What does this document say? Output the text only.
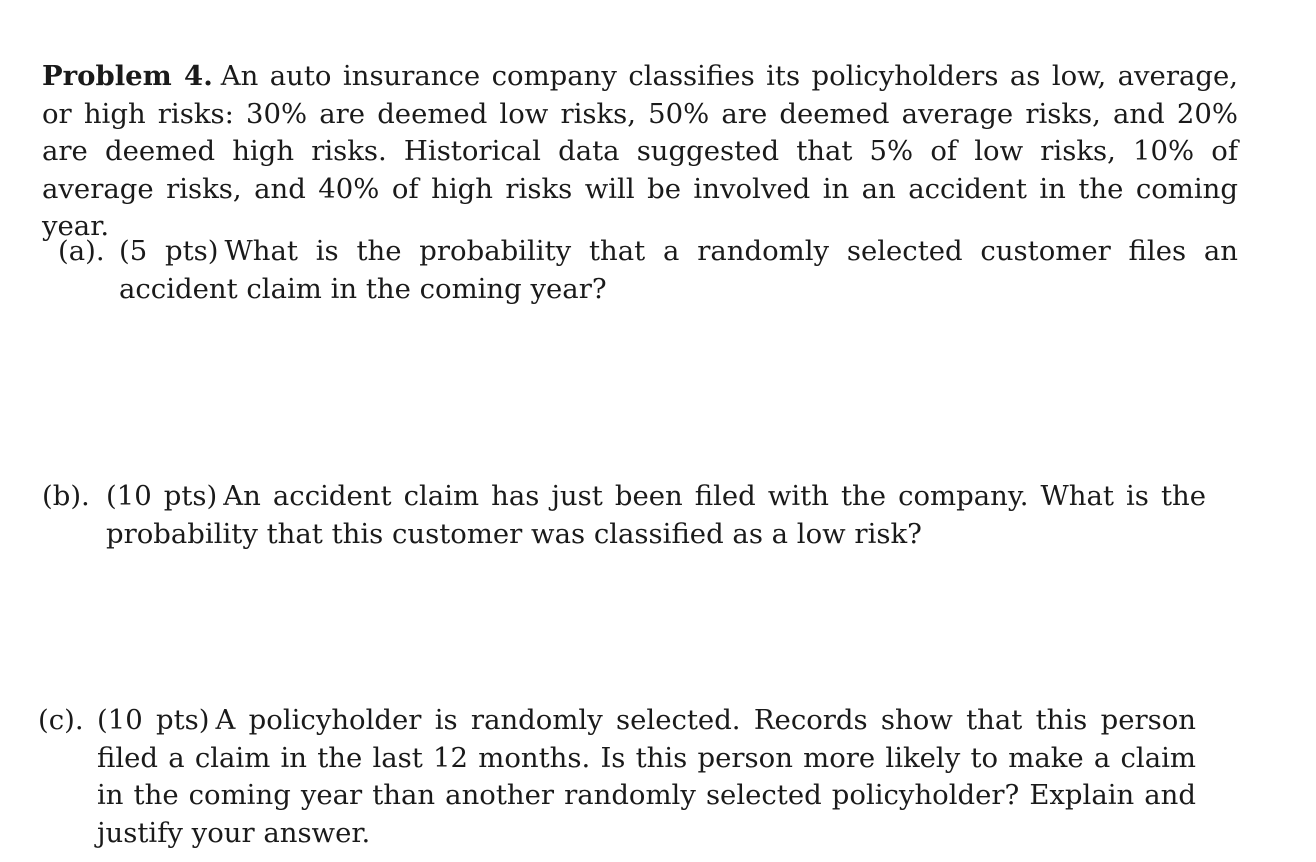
Problem 4. An auto insurance company classifies its policyholders as low, average, or high risks: 30% are deemed low risks, 50% are deemed average risks, and 20% are deemed high risks. Historical data suggested that 5% of low risks, 10% of average risks, and 40% of high risks will be involved in an accident in the coming year.

(a). (5 pts) What is the probability that a randomly selected customer files an accident claim in the coming year?
(b). (10 pts) An accident claim has just been filed with the company. What is the probability that this customer was classified as a low risk?
(c). (10 pts) A policyholder is randomly selected. Records show that this person filed a claim in the last 12 months. Is this person more likely to make a claim in the coming year than another randomly selected policyholder? Explain and justify your answer.
